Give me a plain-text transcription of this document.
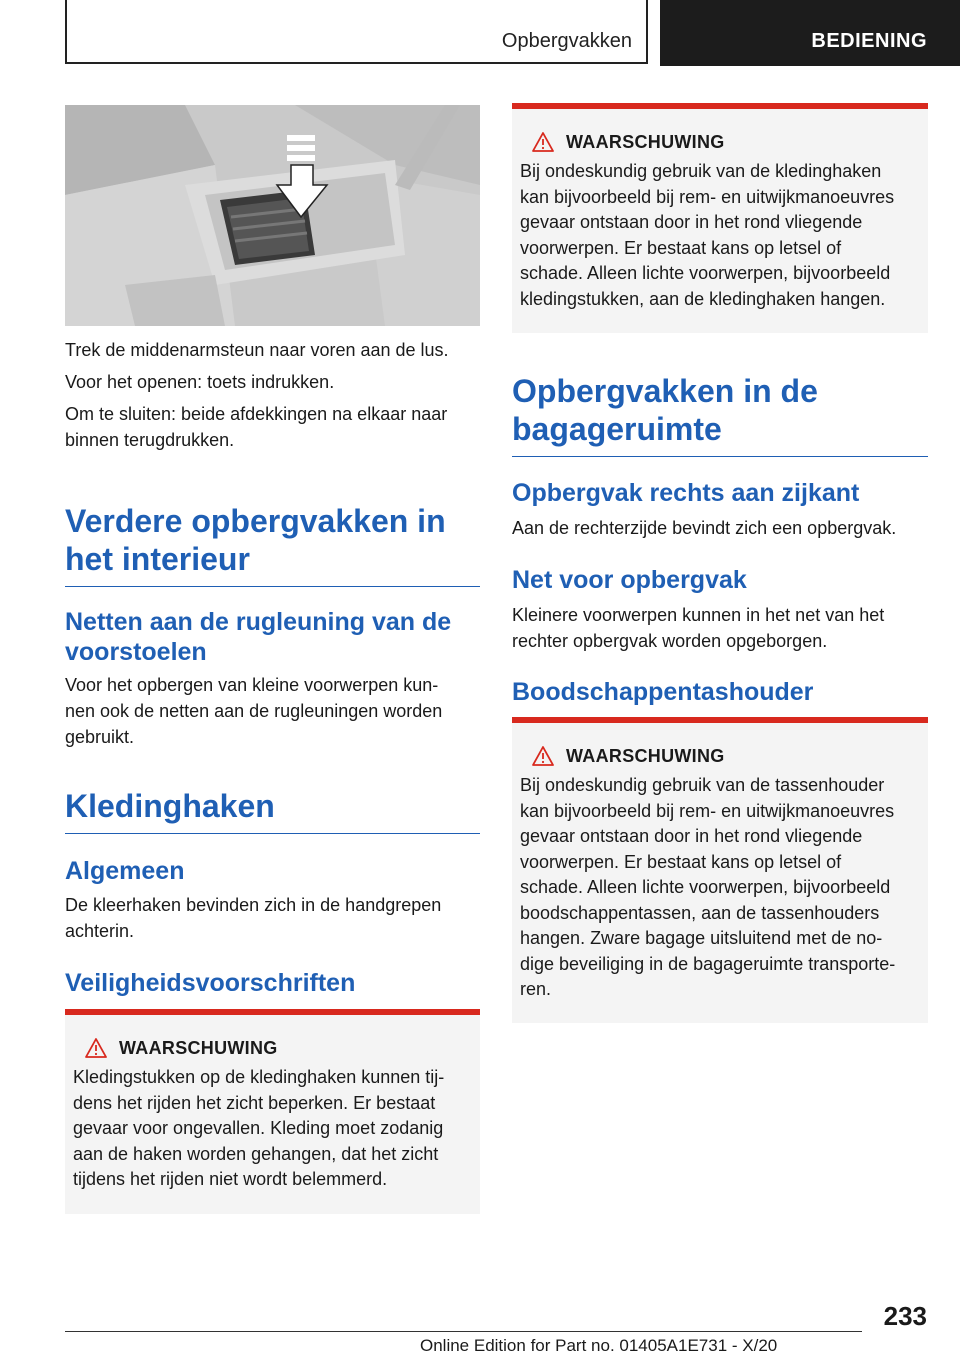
Opbergvakken	BEDIENING

Trek de middenarmsteun naar voren aan de lus.

Voor het openen: toets indrukken.

Om te sluiten: beide afdekkingen na elkaar naar
binnen terugdrukken.
Verdere opbergvakken in
het interieur
Netten aan de rugleuning van de
voorstoelen
Voor het opbergen van kleine voorwerpen kun-
nen ook de netten aan de rugleuningen worden
gebruikt.
Kledinghaken
Algemeen
De kleerhaken bevinden zich in de handgrepen
achterin.
Veiligheidsvoorschriften
WAARSCHUWING
Kledingstukken op de kledinghaken kunnen tij-
dens het rijden het zicht beperken. Er bestaat
gevaar voor ongevallen. Kleding moet zodanig
aan de haken worden gehangen, dat het zicht
tijdens het rijden niet wordt belemmerd.
WAARSCHUWING
Bij ondeskundig gebruik van de kledinghaken
kan bijvoorbeeld bij rem- en uitwijkmanoeuvres
gevaar ontstaan door in het rond vliegende
voorwerpen. Er bestaat kans op letsel of
schade. Alleen lichte voorwerpen, bijvoorbeeld
kledingstukken, aan de kledinghaken hangen.
Opbergvakken in de
bagageruimte
Opbergvak rechts aan zijkant

Aan de rechterzijde bevindt zich een opbergvak.

Net voor opbergvak
Kleinere voorwerpen kunnen in het net van het
rechter opbergvak worden opgeborgen.
Boodschappentashouder
WAARSCHUWING
Bij ondeskundig gebruik van de tassenhouder
kan bijvoorbeeld bij rem- en uitwijkmanoeuvres
gevaar ontstaan door in het rond vliegende
voorwerpen. Er bestaat kans op letsel of
schade. Alleen lichte voorwerpen, bijvoorbeeld
boodschappentassen, aan de tassenhouders
hangen. Zware bagage uitsluitend met de no-
dige beveiliging in de bagageruimte transporte-
ren.
233
Online Edition for Part no. 01405A1E731 - X/20
